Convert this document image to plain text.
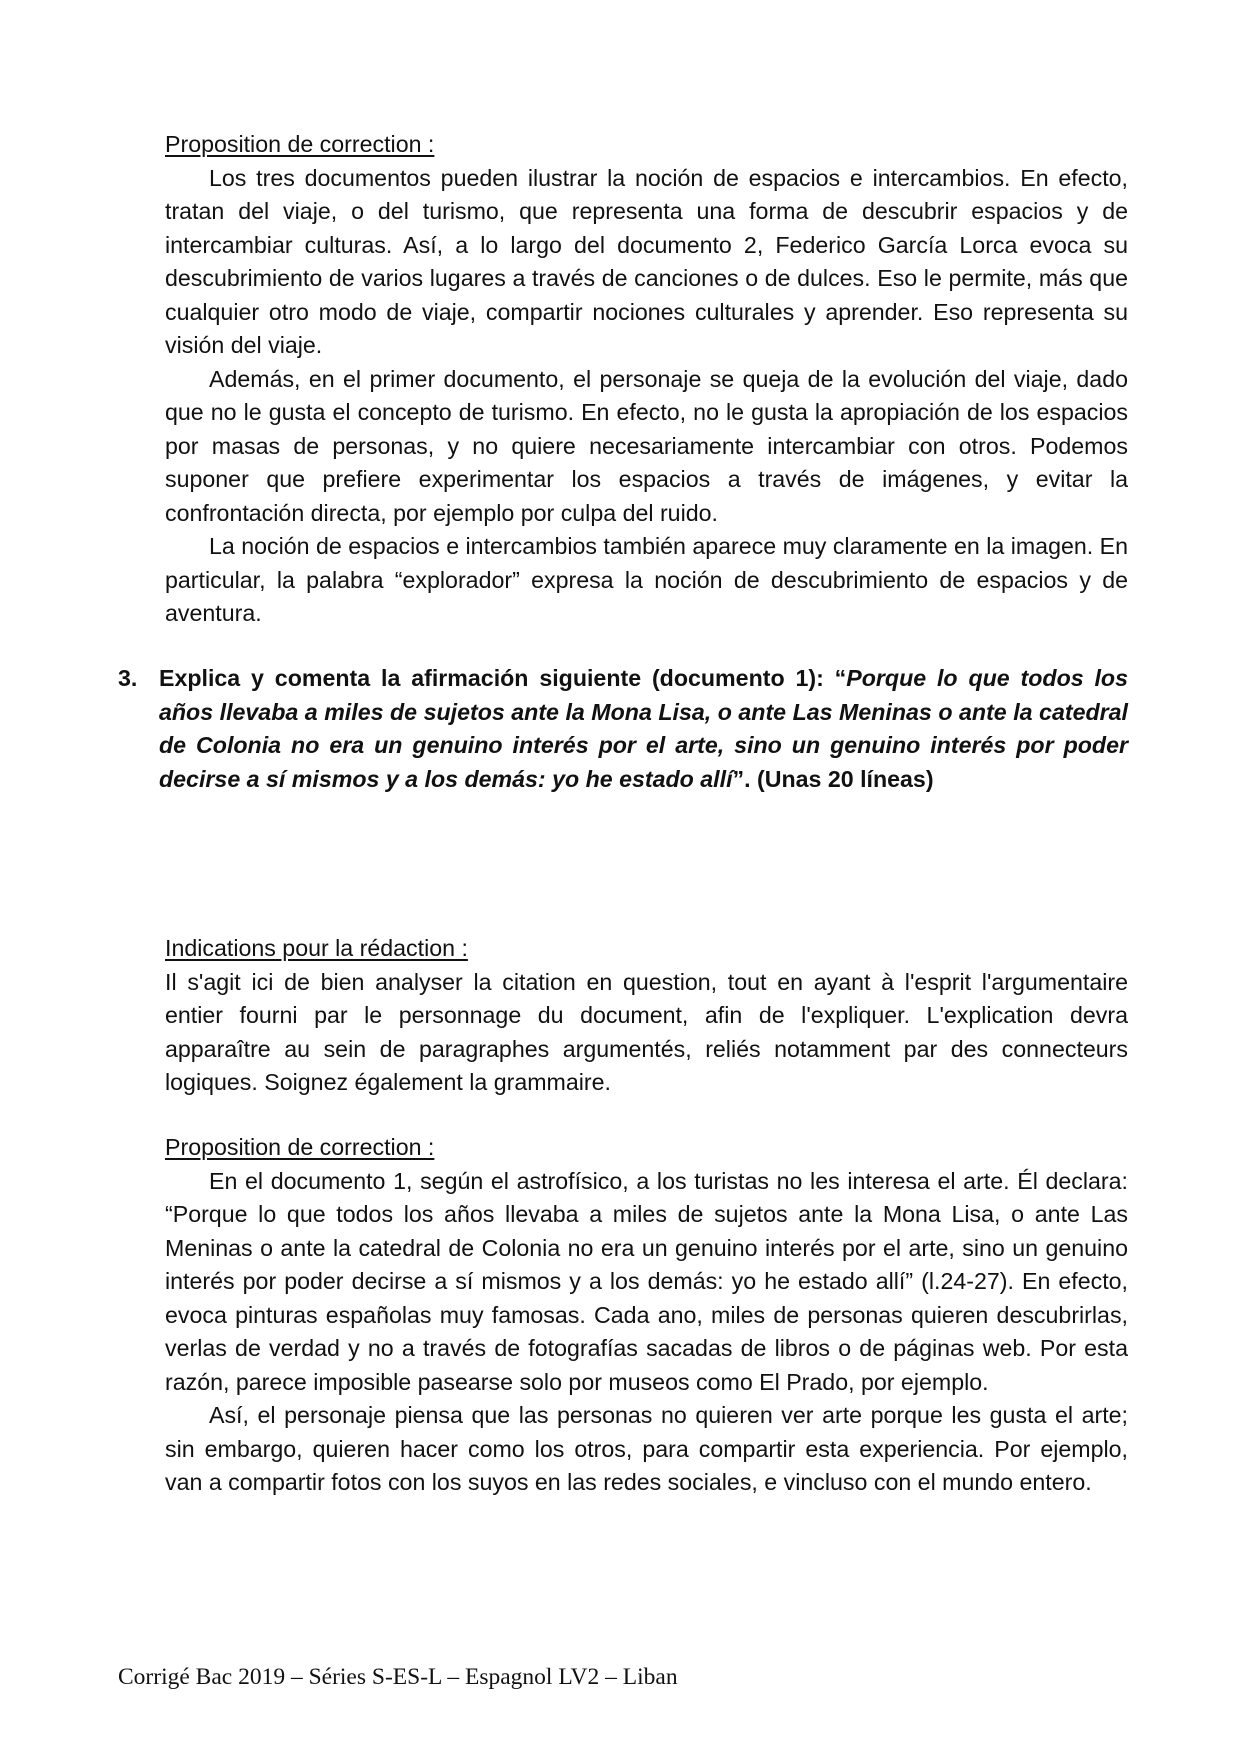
Proposition de correction :

Los tres documentos pueden ilustrar la noción de espacios e intercambios. En efecto, tratan del viaje, o del turismo, que representa una forma de descubrir espacios y de intercambiar culturas. Así, a lo largo del documento 2, Federico García Lorca evoca su descubrimiento de varios lugares a través de canciones o de dulces. Eso le permite, más que cualquier otro modo de viaje, compartir nociones culturales y aprender. Eso representa su visión del viaje.

Además, en el primer documento, el personaje se queja de la evolución del viaje, dado que no le gusta el concepto de turismo. En efecto, no le gusta la apropiación de los espacios por masas de personas, y no quiere necesariamente intercambiar con otros. Podemos suponer que prefiere experimentar los espacios a través de imágenes, y evitar la confrontación directa, por ejemplo por culpa del ruido.

La noción de espacios e intercambios también aparece muy claramente en la imagen. En particular, la palabra “explorador” expresa la noción de descubrimiento de espacios y de aventura.

3. Explica y comenta la afirmación siguiente (documento 1): “Porque lo que todos los años llevaba a miles de sujetos ante la Mona Lisa, o ante Las Meninas o ante la catedral de Colonia no era un genuino interés por el arte, sino un genuino interés por poder decirse a sí mismos y a los demás: yo he estado allí”. (Unas 20 líneas)
Indications pour la rédaction :

Il s'agit ici de bien analyser la citation en question, tout en ayant à l'esprit l'argumentaire entier fourni par le personnage du document, afin de l'expliquer. L'explication devra apparaître au sein de paragraphes argumentés, reliés notamment par des connecteurs logiques. Soignez également la grammaire.

Proposition de correction :

En el documento 1, según el astrofísico, a los turistas no les interesa el arte. Él declara: “Porque lo que todos los años llevaba a miles de sujetos ante la Mona Lisa, o ante Las Meninas o ante la catedral de Colonia no era un genuino interés por el arte, sino un genuino interés por poder decirse a sí mismos y a los demás: yo he estado allí” (l.24-27). En efecto, evoca pinturas españolas muy famosas. Cada ano, miles de personas quieren descubrirlas, verlas de verdad y no a través de fotografías sacadas de libros o de páginas web. Por esta razón, parece imposible pasearse solo por museos como El Prado, por ejemplo.

Así, el personaje piensa que las personas no quieren ver arte porque les gusta el arte; sin embargo, quieren hacer como los otros, para compartir esta experiencia. Por ejemplo, van a compartir fotos con los suyos en las redes sociales, e vincluso con el mundo entero.

Corrigé Bac 2019 – Séries S-ES-L – Espagnol LV2 – Liban
